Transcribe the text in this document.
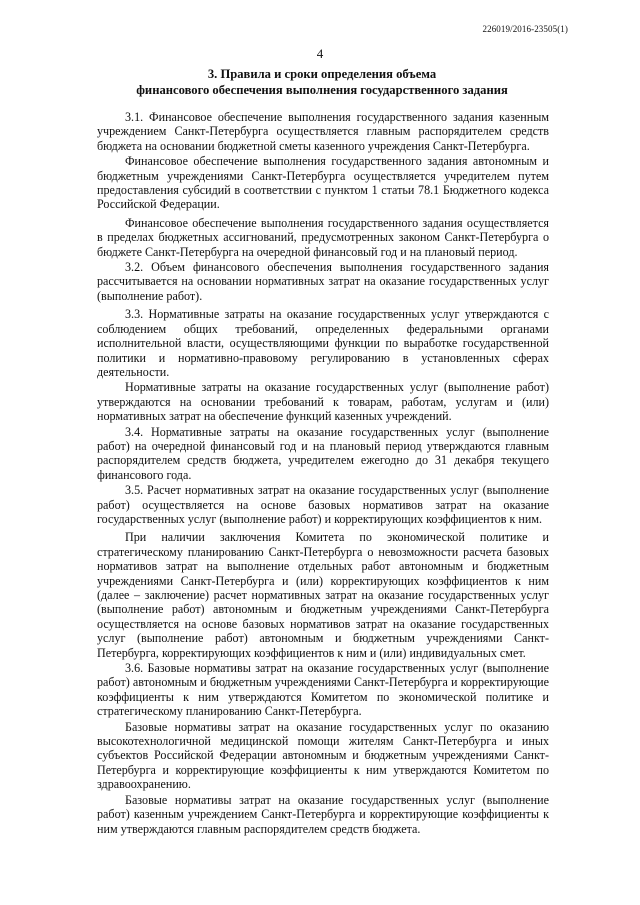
226019/2016-23505(1)
4
3. Правила и сроки определения объема
финансового обеспечения выполнения государственного задания

3.1. Финансовое обеспечение выполнения государственного задания казенным учреждением Санкт-Петербурга осуществляется главным распорядителем средств бюджета на основании бюджетной сметы казенного учреждения Санкт-Петербурга.

Финансовое обеспечение выполнения государственного задания автономным и бюджетным учреждениями Санкт-Петербурга осуществляется учредителем путем предоставления субсидий в соответствии с пунктом 1 статьи 78.1 Бюджетного кодекса Российской Федерации.

Финансовое обеспечение выполнения государственного задания осуществляется в пределах бюджетных ассигнований, предусмотренных законом Санкт-Петербурга о бюджете Санкт-Петербурга на очередной финансовый год и на плановый период.

3.2. Объем финансового обеспечения выполнения государственного задания рассчитывается на основании нормативных затрат на оказание государственных услуг (выполнение работ).

3.3. Нормативные затраты на оказание государственных услуг утверждаются с соблюдением общих требований, определенных федеральными органами исполнительной власти, осуществляющими функции по выработке государственной политики и нормативно-правовому регулированию в установленных сферах деятельности.

Нормативные затраты на оказание государственных услуг (выполнение работ) утверждаются на основании требований к товарам, работам, услугам и (или) нормативных затрат на обеспечение функций казенных учреждений.

3.4. Нормативные затраты на оказание государственных услуг (выполнение работ) на очередной финансовый год и на плановый период утверждаются главным распорядителем средств бюджета, учредителем ежегодно до 31 декабря текущего финансового года.

3.5. Расчет нормативных затрат на оказание государственных услуг (выполнение работ) осуществляется на основе базовых нормативов затрат на оказание государственных услуг (выполнение работ) и корректирующих коэффициентов к ним.

При наличии заключения Комитета по экономической политике и стратегическому планированию Санкт-Петербурга о невозможности расчета базовых нормативов затрат на выполнение отдельных работ автономным и бюджетным учреждениями Санкт-Петербурга и (или) корректирующих коэффициентов к ним (далее – заключение) расчет нормативных затрат на оказание государственных услуг (выполнение работ) автономным и бюджетным учреждениями Санкт-Петербурга осуществляется на основе базовых нормативов затрат на оказание государственных услуг (выполнение работ) автономным и бюджетным учреждениями Санкт-Петербурга, корректирующих коэффициентов к ним и (или) индивидуальных смет.

3.6. Базовые нормативы затрат на оказание государственных услуг (выполнение работ) автономным и бюджетным учреждениями Санкт-Петербурга и корректирующие коэффициенты к ним утверждаются Комитетом по экономической политике и стратегическому планированию Санкт-Петербурга.

Базовые нормативы затрат на оказание государственных услуг по оказанию высокотехнологичной медицинской помощи жителям Санкт-Петербурга и иных субъектов Российской Федерации автономным и бюджетным учреждениями Санкт-Петербурга и корректирующие коэффициенты к ним утверждаются Комитетом по здравоохранению.

Базовые нормативы затрат на оказание государственных услуг (выполнение работ) казенным учреждением Санкт-Петербурга и корректирующие коэффициенты к ним утверждаются главным распорядителем средств бюджета.
